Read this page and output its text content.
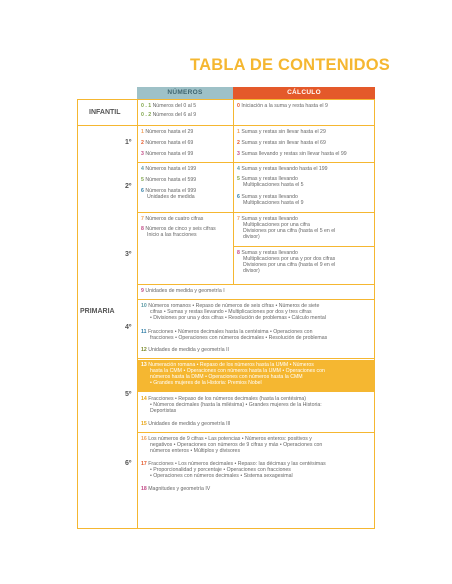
TABLA DE CONTENIDOS
NÚMEROS	CÁLCULO
INFANTIL
PRIMARIA
1º
2º
3º
4º
5º
6º
0 . 1 Números del 0 al 5
0 . 2 Números del 6 al 9
0 Iniciación a la suma y resta hasta el 9
1 Números hasta el 29
2 Números hasta el 69
3 Números hasta el 99
1 Sumas y restas sin llevar hasta el 29
2 Sumas y restas sin llevar hasta el 69
3 Sumas llevando y restas sin llevar hasta el 99
4 Números hasta el 199
5 Números hasta el 599
6 Números hasta el 999
Unidades de medida
4 Sumas y restas llevando hasta el 199
5 Sumas y restas llevando
Multiplicaciones hasta el 5
6 Sumas y restas llevando
Multiplicaciones hasta el 9
7 Números de cuatro cifras
8 Números de cinco y seis cifras
Inicio a las fracciones
7 Sumas y restas llevando
Multiplicaciones por una cifra
Divisiones por una cifra (hasta el 5 en el
divisor)
8 Sumas y restas llevando
Multiplicaciones por una y por dos cifras
Divisiones por una cifra (hasta el 9 en el
divisor)
9 Unidades de medida y geometría I
10 Números romanos • Repaso de números de seis cifras • Números de siete
cifras • Sumas y restas llevando • Multiplicaciones por dos y tres cifras
• Divisiones por una y dos cifras • Resolución de problemas • Cálculo mental
11 Fracciones • Números decimales hasta la centésima • Operaciones con
fracciones • Operaciones con números decimales • Resolución de problemas
12 Unidades de medida y geometría II
13 Numeración romana • Repaso de los números hasta la UMM • Números
hasta la CMM • Operaciones con números hasta la UMM • Operaciones con
números hasta la DMM • Operaciones con números hasta la CMM
• Grandes mujeres de la Historia: Premios Nobel
14 Fracciones • Repaso de los números decimales (hasta la centésima)
• Números decimales (hasta la milésima) • Grandes mujeres de la Historia:
Deportistas
15 Unidades de medida y geometría III
16 Los números de 9 cifras • Las potencias • Números enteros: positivos y
negativos • Operaciones con números de 9 cifras y más • Operaciones con
números enteros • Múltiplos y divisores
17 Fracciones • Los números decimales • Repaso: las décimas y las centésimas
• Proporcionalidad y porcentaje • Operaciones con fracciones
• Operaciones con números decimales • Sistema sexagesimal
18 Magnitudes y geometría IV
